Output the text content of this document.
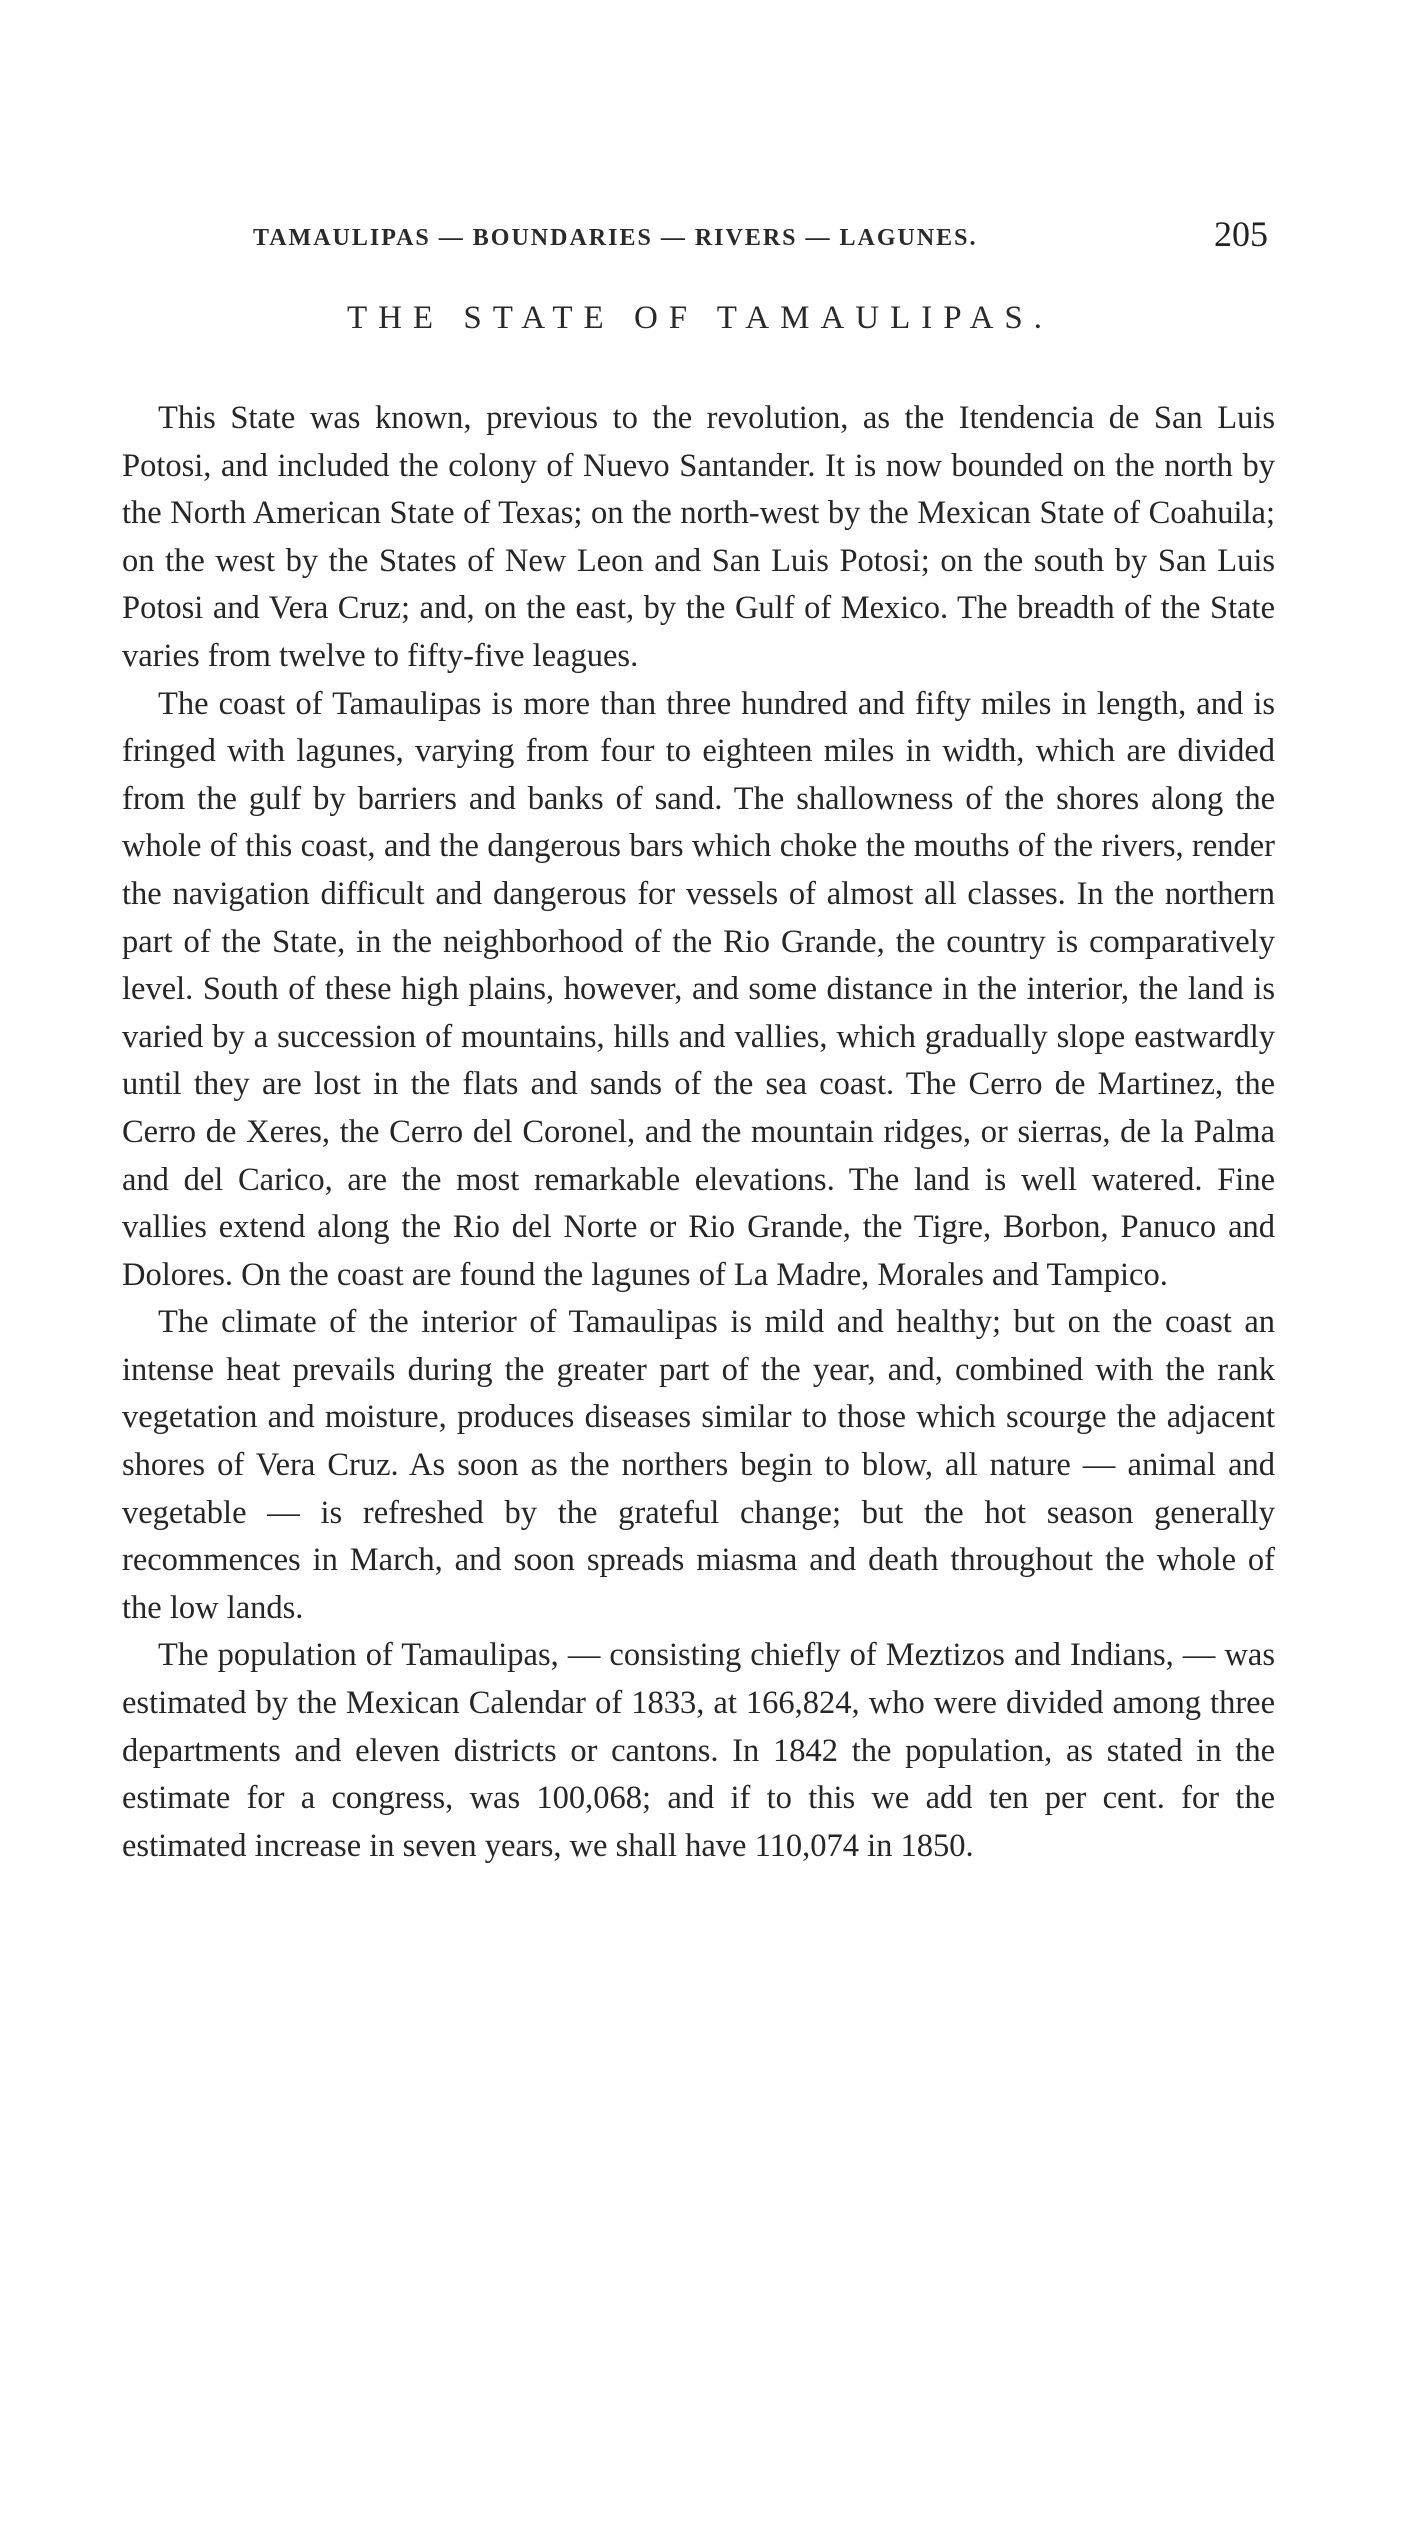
TAMAULIPAS — BOUNDARIES — RIVERS — LAGUNES.	205
THE STATE OF TAMAULIPAS.

This State was known, previous to the revolution, as the Itendencia de San Luis Potosi, and included the colony of Nuevo Santander. It is now bounded on the north by the North American State of Texas; on the north-west by the Mexican State of Coahuila; on the west by the States of New Leon and San Luis Potosi; on the south by San Luis Potosi and Vera Cruz; and, on the east, by the Gulf of Mexico. The breadth of the State varies from twelve to fifty-five leagues.

The coast of Tamaulipas is more than three hundred and fifty miles in length, and is fringed with lagunes, varying from four to eighteen miles in width, which are divided from the gulf by barriers and banks of sand. The shallowness of the shores along the whole of this coast, and the dangerous bars which choke the mouths of the rivers, render the navigation difficult and dangerous for vessels of almost all classes. In the northern part of the State, in the neighborhood of the Rio Grande, the country is comparatively level. South of these high plains, however, and some distance in the interior, the land is varied by a succession of mountains, hills and vallies, which gradually slope eastwardly until they are lost in the flats and sands of the sea coast. The Cerro de Martinez, the Cerro de Xeres, the Cerro del Coronel, and the mountain ridges, or sierras, de la Palma and del Carico, are the most remarkable elevations. The land is well watered. Fine vallies extend along the Rio del Norte or Rio Grande, the Tigre, Borbon, Panuco and Dolores. On the coast are found the lagunes of La Madre, Morales and Tampico.

The climate of the interior of Tamaulipas is mild and healthy; but on the coast an intense heat prevails during the greater part of the year, and, combined with the rank vegetation and moisture, produces diseases similar to those which scourge the adjacent shores of Vera Cruz. As soon as the northers begin to blow, all nature — animal and vegetable — is refreshed by the grateful change; but the hot season generally recommences in March, and soon spreads miasma and death throughout the whole of the low lands.

The population of Tamaulipas, — consisting chiefly of Meztizos and Indians, — was estimated by the Mexican Calendar of 1833, at 166,824, who were divided among three departments and eleven districts or cantons. In 1842 the population, as stated in the estimate for a congress, was 100,068; and if to this we add ten per cent. for the estimated increase in seven years, we shall have 110,074 in 1850.
